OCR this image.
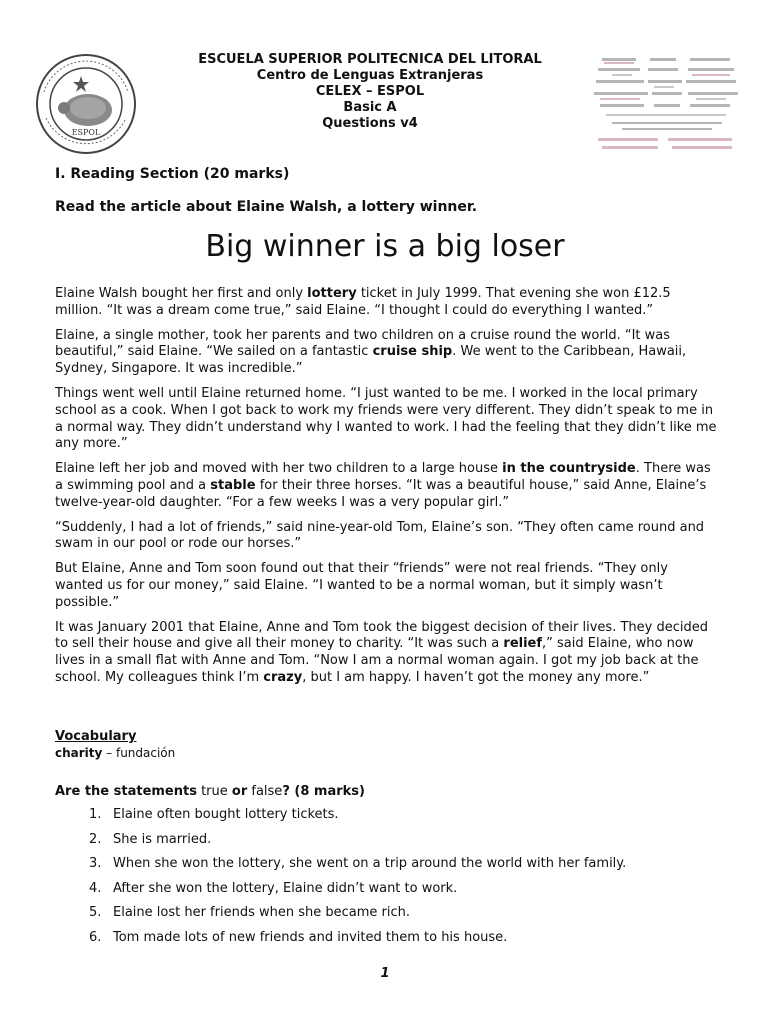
ESPOL
ESCUELA SUPERIOR POLITECNICA DEL LITORAL
Centro de Lenguas Extranjeras
CELEX – ESPOL
Basic A
Questions v4
I. Reading Section (20 marks)
Read the article about Elaine Walsh, a lottery winner.
Big winner is a big loser

Elaine Walsh bought her first and only lottery ticket in July 1999. That evening she won £12.5 million. “It was a dream come true,” said Elaine. “I thought I could do everything I wanted.”

Elaine, a single mother, took her parents and two children on a cruise round the world. “It was beautiful,” said Elaine. “We sailed on a fantastic cruise ship. We went to the Caribbean, Hawaii, Sydney, Singapore. It was incredible.”

Things went well until Elaine returned home. “I just wanted to be me. I worked in the local primary school as a cook. When I got back to work my friends were very different. They didn’t speak to me in a normal way. They didn’t understand why I wanted to work. I had the feeling that they didn’t like me any more.”

Elaine left her job and moved with her two children to a large house in the countryside. There was a swimming pool and a stable for their three horses. “It was a beautiful house,” said Anne, Elaine’s twelve-year-old daughter. “For a few weeks I was a very popular girl.”

“Suddenly, I had a lot of friends,” said nine-year-old Tom, Elaine’s son. “They often came round and swam in our pool or rode our horses.”

But Elaine, Anne and Tom soon found out that their “friends” were not real friends. “They only wanted us for our money,” said Elaine. “I wanted to be a normal woman, but it simply wasn’t possible.”

It was January 2001 that Elaine, Anne and Tom took the biggest decision of their lives. They decided to sell their house and give all their money to charity. “It was such a relief,” said Elaine, who now lives in a small flat with Anne and Tom. “Now I am a normal woman again. I got my job back at the school. My colleagues think I’m crazy, but I am happy. I haven’t got the money any more.”

Vocabulary
charity – fundación
Are the statements true or false? (8 marks)
1. Elaine often bought lottery tickets.
2. She is married.
3. When she won the lottery, she went on a trip around the world with her family.
4. After she won the lottery, Elaine didn’t want to work.
5. Elaine lost her friends when she became rich.
6. Tom made lots of new friends and invited them to his house.
1
